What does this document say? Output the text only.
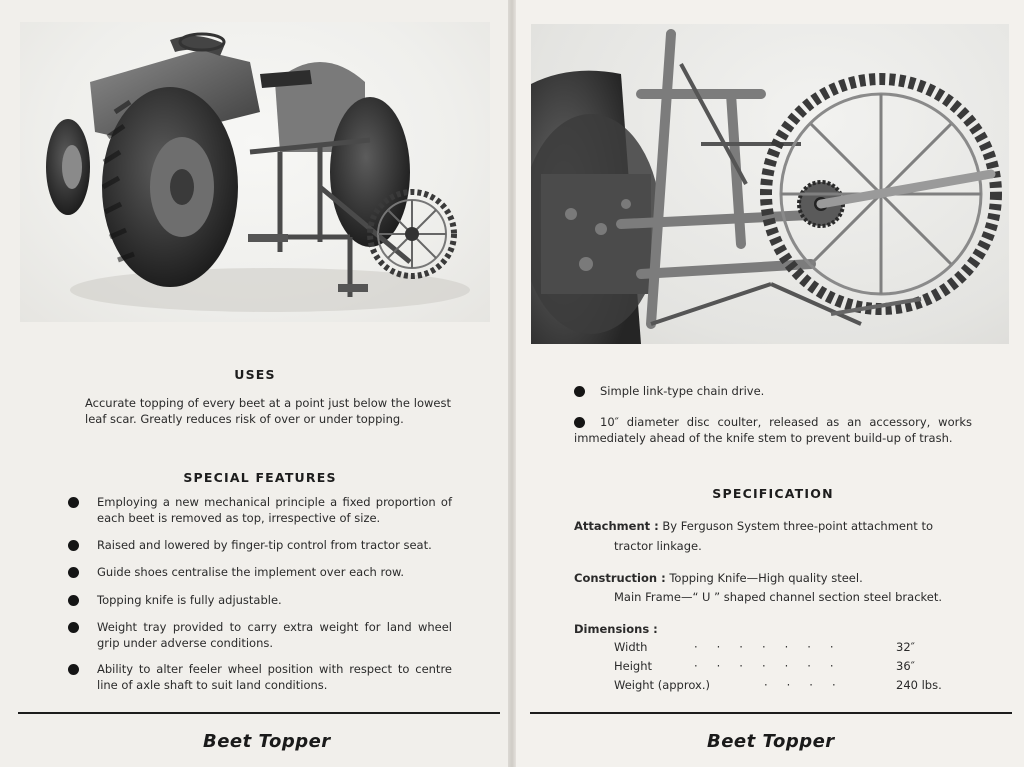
USES
Accurate topping of every beet at a point just below the lowest leaf scar. Greatly reduces risk of over or under topping.
SPECIAL FEATURES
Employing a new mechanical principle a fixed proportion of each beet is removed as top, irrespective of size.
Raised and lowered by finger-tip control from tractor seat.
Guide shoes centralise the implement over each row.
Topping knife is fully adjustable.
Weight tray provided to carry extra weight for land wheel grip under adverse conditions.
Ability to alter feeler wheel position with respect to centre line of axle shaft to suit land conditions.
Beet Topper
Simple link-type chain drive.
10″ diameter disc coulter, released as an accessory, works immediately ahead of the knife stem to prevent build-up of trash.
SPECIFICATION
Attachment : By Ferguson System three-point attachment to
tractor linkage.
Construction : Topping Knife—High quality steel.
Main Frame—“ U ” shaped channel section steel bracket.
Dimensions :
Width	·······	32″
Height	·······	36″
Weight (approx.)	····	240 lbs.
Beet Topper
